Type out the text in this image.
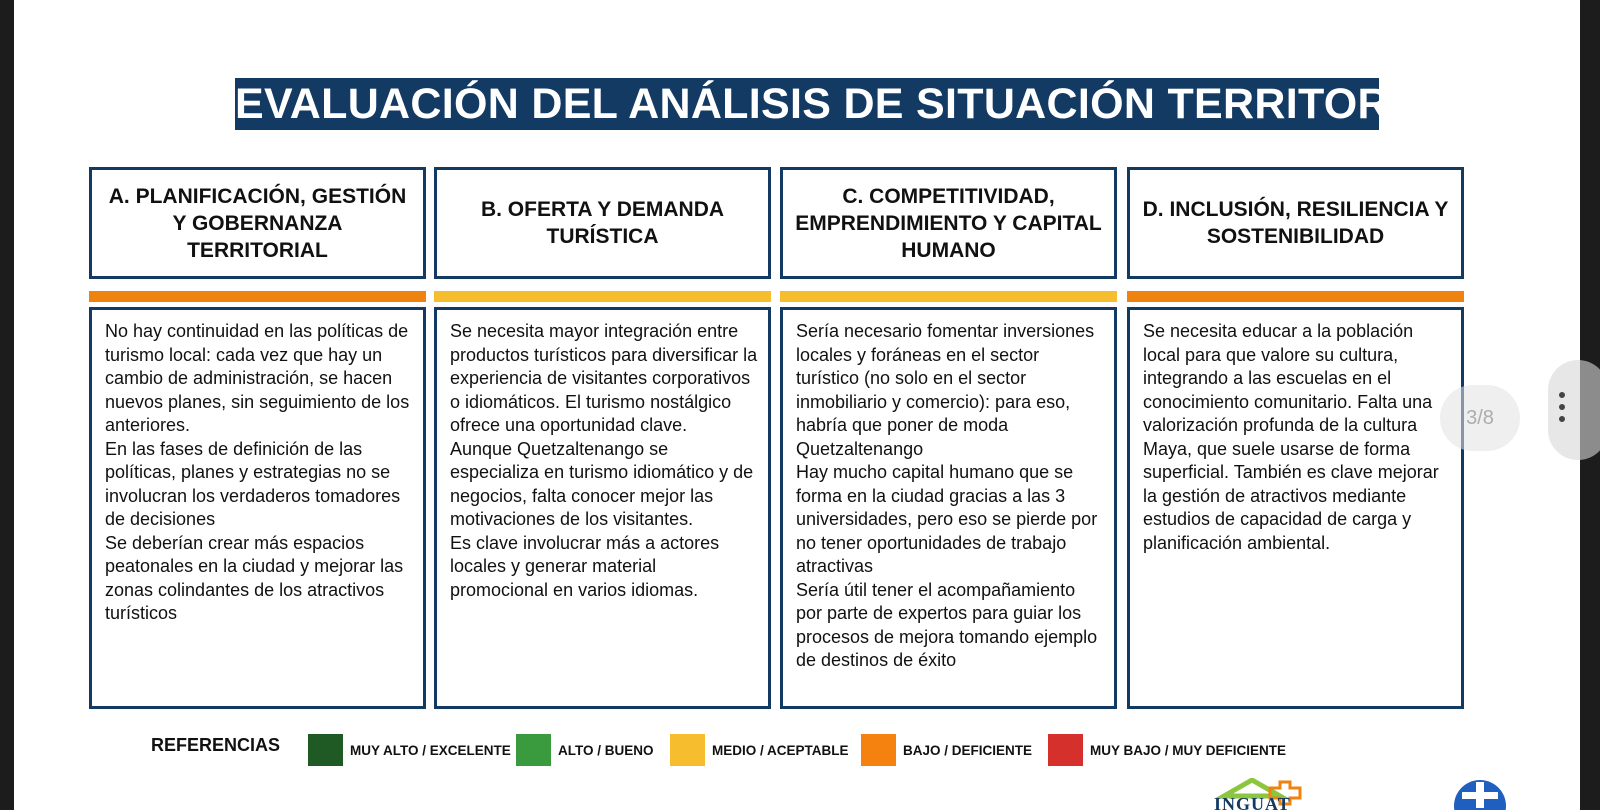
EVALUACIÓN DEL ANÁLISIS DE SITUACIÓN TERRITORIAL
A. PLANIFICACIÓN, GESTIÓN Y GOBERNANZA TERRITORIAL
No hay continuidad en las políticas de turismo local: cada vez que hay un cambio de administración, se hacen nuevos planes, sin seguimiento de los anteriores.
En las fases de definición de las políticas, planes y estrategias no se involucran los verdaderos tomadores de decisiones
Se deberían crear más espacios peatonales en la ciudad y mejorar las zonas colindantes de los atractivos turísticos
B. OFERTA Y DEMANDA TURÍSTICA
Se necesita mayor integración entre productos turísticos para diversificar la experiencia de visitantes corporativos o idiomáticos. El turismo nostálgico ofrece una oportunidad clave.
Aunque Quetzaltenango se especializa en turismo idiomático y de negocios, falta conocer mejor las motivaciones de los visitantes.
Es clave involucrar más a actores locales y generar material promocional en varios idiomas.
C. COMPETITIVIDAD, EMPRENDIMIENTO Y CAPITAL HUMANO
Sería necesario fomentar inversiones locales y foráneas en el sector turístico (no solo en el sector inmobiliario y comercio): para eso, habría que poner de moda Quetzaltenango
Hay mucho capital humano que se forma en la ciudad gracias a las 3 universidades, pero eso se pierde por no tener oportunidades de trabajo atractivas
Sería útil tener el acompañamiento por parte de expertos para guiar los procesos de mejora tomando ejemplo de destinos de éxito
D. INCLUSIÓN, RESILIENCIA Y SOSTENIBILIDAD
Se necesita educar a la población local para que valore su cultura, integrando a las escuelas en el conocimiento comunitario. Falta una valorización profunda de la cultura Maya, que suele usarse de forma superficial. También es clave mejorar la gestión de atractivos mediante estudios de capacidad de carga y planificación ambiental.
REFERENCIAS	MUY ALTO / EXCELENTE	ALTO / BUENO	MEDIO / ACEPTABLE	BAJO / DEFICIENTE	MUY BAJO / MUY DEFICIENTE
INGUAT
3/8
